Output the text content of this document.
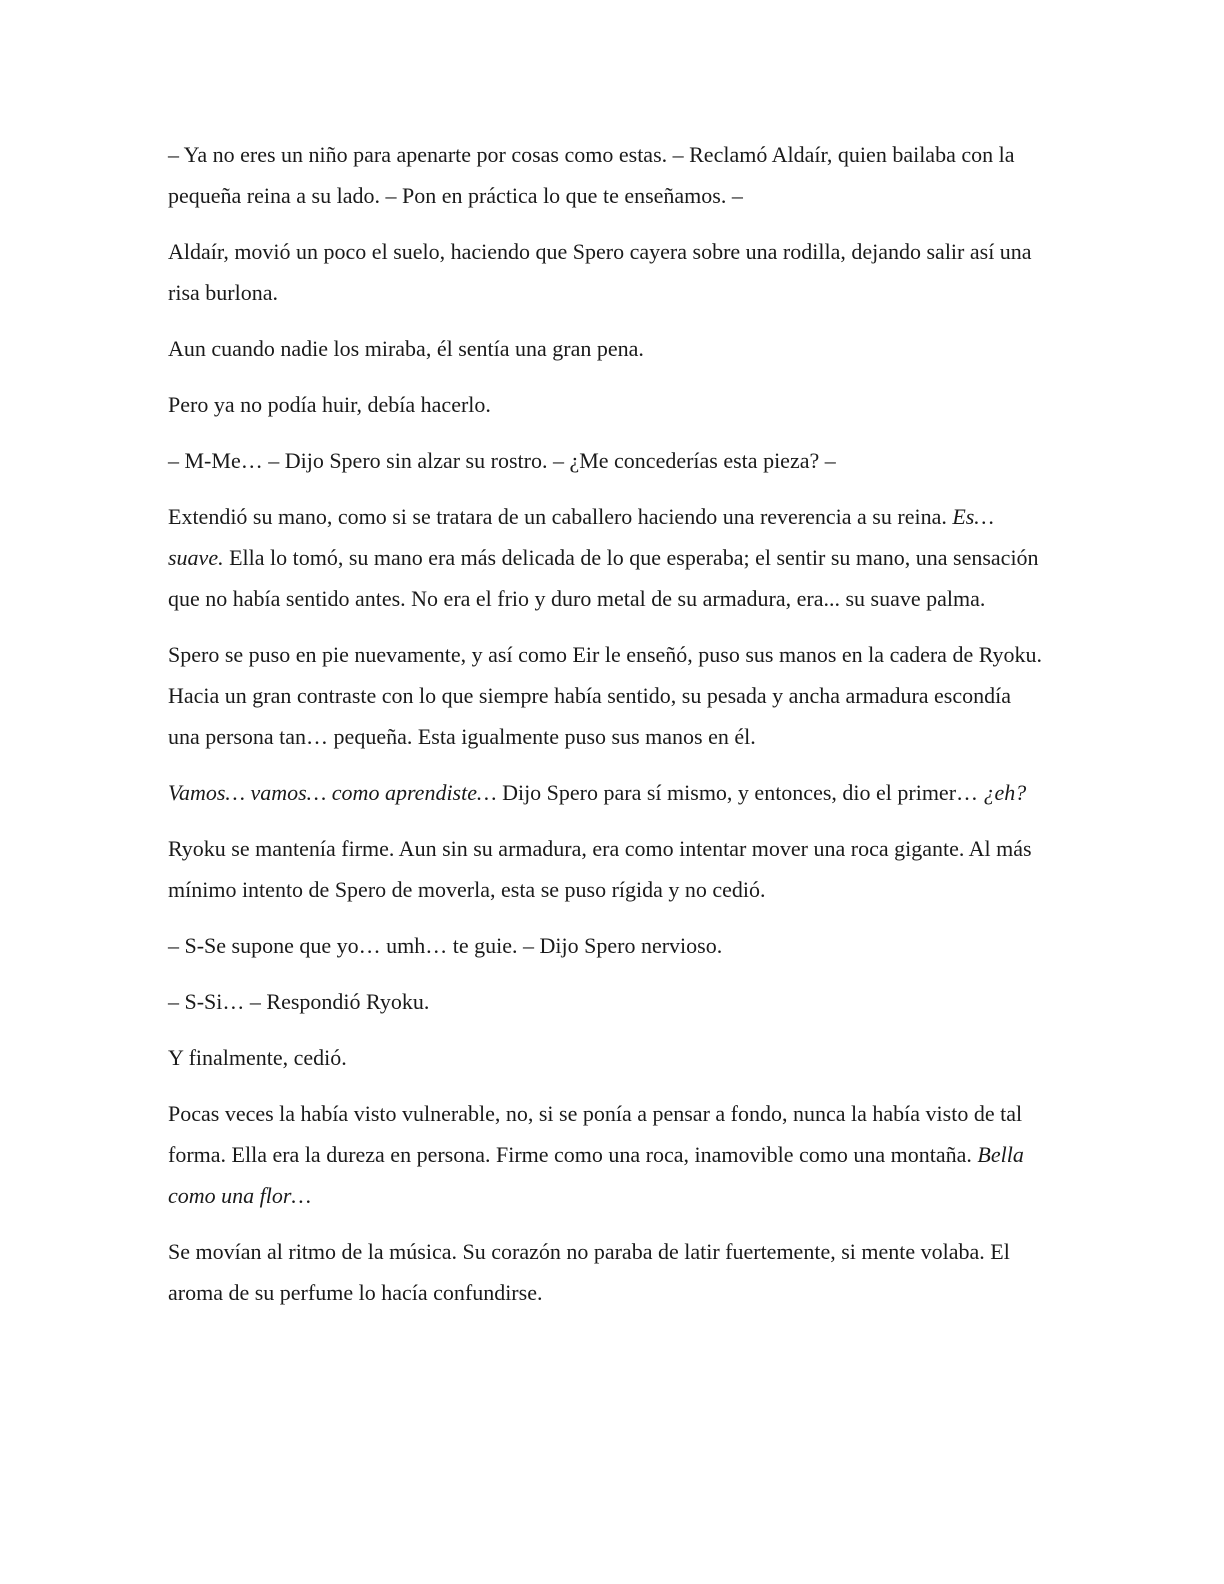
– Ya no eres un niño para apenarte por cosas como estas. – Reclamó Aldaír, quien bailaba con la pequeña reina a su lado. – Pon en práctica lo que te enseñamos. –

Aldaír, movió un poco el suelo, haciendo que Spero cayera sobre una rodilla, dejando salir así una risa burlona.

Aun cuando nadie los miraba, él sentía una gran pena.

Pero ya no podía huir, debía hacerlo.

– M-Me… – Dijo Spero sin alzar su rostro. – ¿Me concederías esta pieza? –

Extendió su mano, como si se tratara de un caballero haciendo una reverencia a su reina. Es… suave. Ella lo tomó, su mano era más delicada de lo que esperaba; el sentir su mano, una sensación que no había sentido antes. No era el frio y duro metal de su armadura, era... su suave palma.

Spero se puso en pie nuevamente, y así como Eir le enseñó, puso sus manos en la cadera de Ryoku. Hacia un gran contraste con lo que siempre había sentido, su pesada y ancha armadura escondía una persona tan… pequeña. Esta igualmente puso sus manos en él.

Vamos… vamos… como aprendiste… Dijo Spero para sí mismo, y entonces, dio el primer… ¿eh?

Ryoku se mantenía firme. Aun sin su armadura, era como intentar mover una roca gigante. Al más mínimo intento de Spero de moverla, esta se puso rígida y no cedió.

– S-Se supone que yo… umh… te guie. – Dijo Spero nervioso.

– S-Si… – Respondió Ryoku.

Y finalmente, cedió.

Pocas veces la había visto vulnerable, no, si se ponía a pensar a fondo, nunca la había visto de tal forma. Ella era la dureza en persona. Firme como una roca, inamovible como una montaña. Bella como una flor…

Se movían al ritmo de la música. Su corazón no paraba de latir fuertemente, si mente volaba. El aroma de su perfume lo hacía confundirse.
